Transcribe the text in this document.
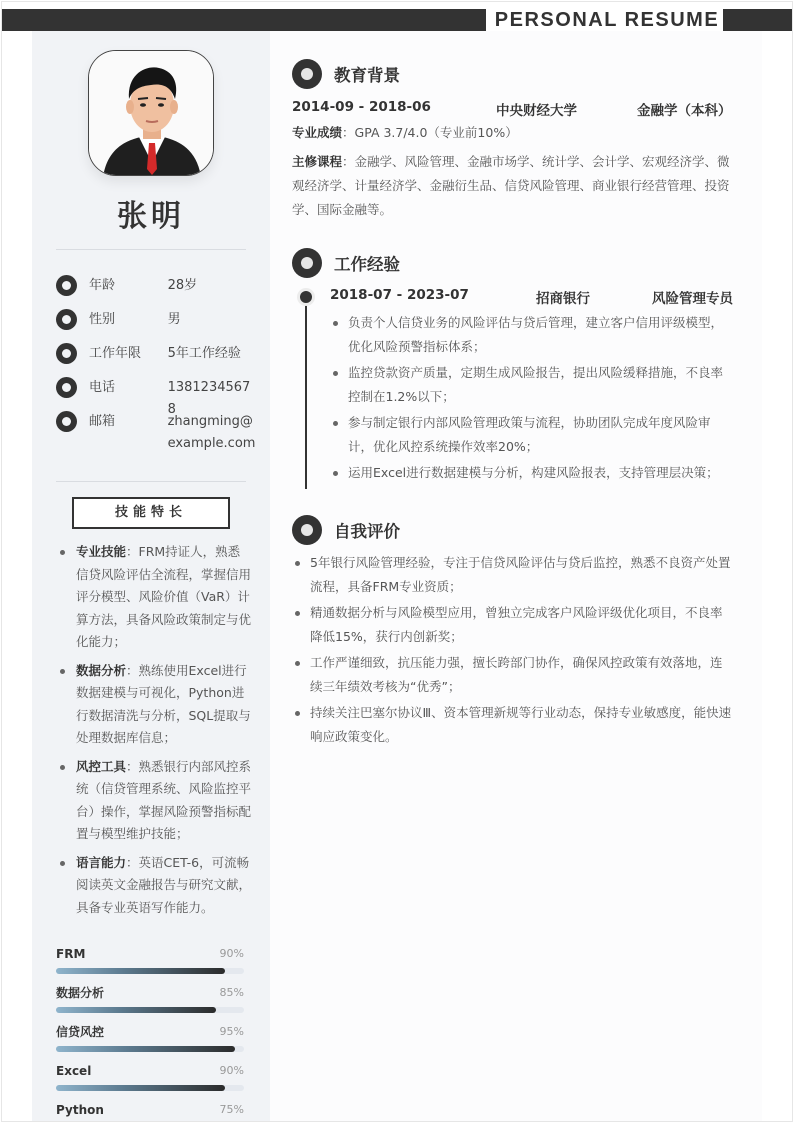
PERSONAL RESUME
张明
年龄	28岁
性别	男
工作年限	5年工作经验
电话	13812345678
邮箱	zhangming@example.com
技能特长
专业技能：FRM持证人，熟悉信贷风险评估全流程，掌握信用评分模型、风险价值（VaR）计算方法，具备风险政策制定与优化能力；
数据分析：熟练使用Excel进行数据建模与可视化，Python进行数据清洗与分析，SQL提取与处理数据库信息；
风控工具：熟悉银行内部风控系统（信贷管理系统、风险监控平台）操作，掌握风险预警指标配置与模型维护技能；
语言能力：英语CET-6，可流畅阅读英文金融报告与研究文献，具备专业英语写作能力。
FRM	90%
数据分析	85%
信贷风控	95%
Excel	90%
Python	75%
教育背景
2014-09 - 2018-06	中央财经大学	金融学（本科）
专业成绩：GPA 3.7/4.0（专业前10%）
主修课程：金融学、风险管理、金融市场学、统计学、会计学、宏观经济学、微观经济学、计量经济学、金融衍生品、信贷风险管理、商业银行经营管理、投资学、国际金融等。
工作经验
2018-07 - 2023-07	招商银行	风险管理专员
负责个人信贷业务的风险评估与贷后管理，建立客户信用评级模型，优化风险预警指标体系；
监控贷款资产质量，定期生成风险报告，提出风险缓释措施，不良率控制在1.2%以下；
参与制定银行内部风险管理政策与流程，协助团队完成年度风险审计，优化风控系统操作效率20%；
运用Excel进行数据建模与分析，构建风险报表，支持管理层决策；
自我评价
5年银行风险管理经验，专注于信贷风险评估与贷后监控，熟悉不良资产处置流程，具备FRM专业资质；
精通数据分析与风险模型应用，曾独立完成客户风险评级优化项目，不良率降低15%，获行内创新奖；
工作严谨细致，抗压能力强，擅长跨部门协作，确保风控政策有效落地，连续三年绩效考核为“优秀”；
持续关注巴塞尔协议Ⅲ、资本管理新规等行业动态，保持专业敏感度，能快速响应政策变化。
